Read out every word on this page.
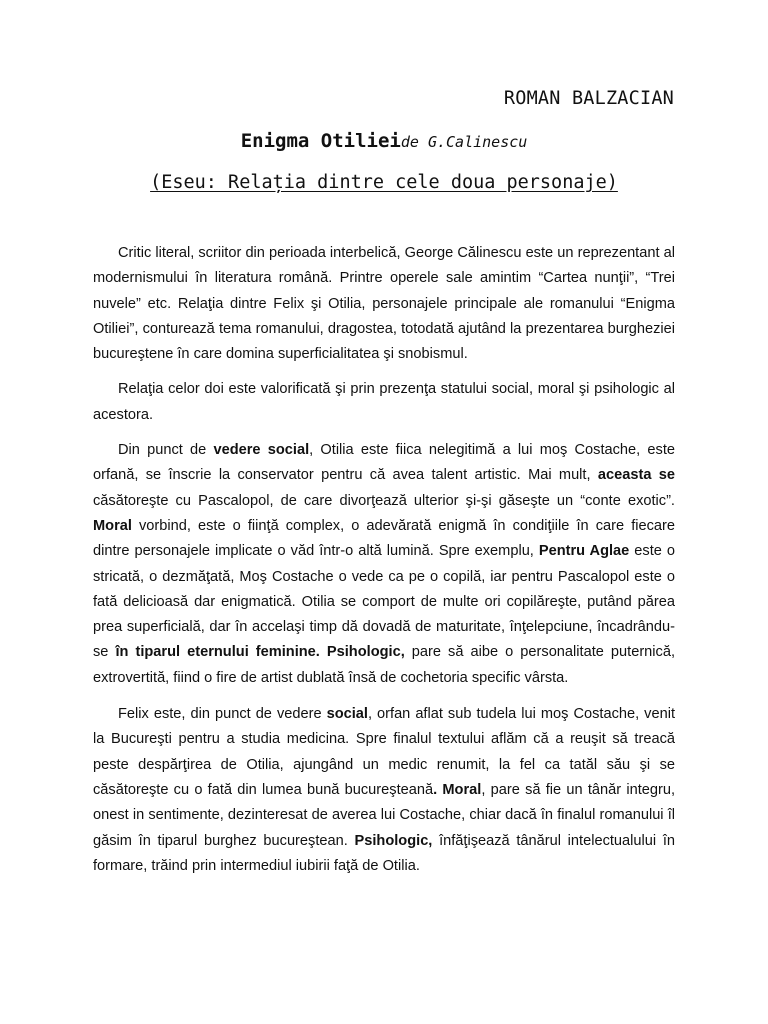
ROMAN BALZACIAN
Enigma Otilieide G.Calinescu
(Eseu: Relația dintre cele doua personaje)

Critic literal, scriitor din perioada interbelică, George Călinescu este un reprezentant al modernismului în literatura română. Printre operele sale amintim “Cartea nunţii”, “Trei nuvele” etc. Relaţia dintre Felix şi Otilia, personajele principale ale romanului “Enigma Otiliei”, conturează tema romanului, dragostea, totodată ajutând la prezentarea burgheziei bucureştene în care domina superficialitatea şi snobismul.

Relaţia celor doi este valorificată şi prin prezenţa statului social, moral şi psihologic al acestora.

Din punct de vedere social, Otilia este fiica nelegitimă a lui moş Costache, este orfană, se înscrie la conservator pentru că avea talent artistic. Mai mult, aceasta se căsătoreşte cu Pascalopol, de care divorţează ulterior şi-şi găseşte un “conte exotic”. Moral vorbind, este o fiinţă complex, o adevărată enigmă în condiţiile în care fiecare dintre personajele implicate o văd într-o altă lumină. Spre exemplu, Pentru Aglae este o stricată, o dezmăţată, Moş Costache o vede ca pe o copilă, iar pentru Pascalopol este o fată delicioasă dar enigmatică. Otilia se comport de multe ori copilăreşte, putând părea prea superficială, dar în accelaşi timp dă dovadă de maturitate, înţelepciune, încadrându-se în tiparul eternului feminine. Psihologic, pare să aibe o personalitate puternică, extrovertită, fiind o fire de artist dublată însă de cochetoria specific vârsta.

Felix este, din punct de vedere social, orfan aflat sub tudela lui moş Costache, venit la Bucureşti pentru a studia medicina. Spre finalul textului aflăm că a reuşit să treacă peste despărţirea de Otilia, ajungând un medic renumit, la fel ca tatăl său şi se căsătoreşte cu o fată din lumea bună bucureşteană. Moral, pare să fie un tânăr integru, onest in sentimente, dezinteresat de averea lui Costache, chiar dacă în finalul romanului îl găsim în tiparul burghez bucureştean. Psihologic, înfăţişează tânărul intelectualului în formare, trăind prin intermediul iubirii faţă de Otilia.
